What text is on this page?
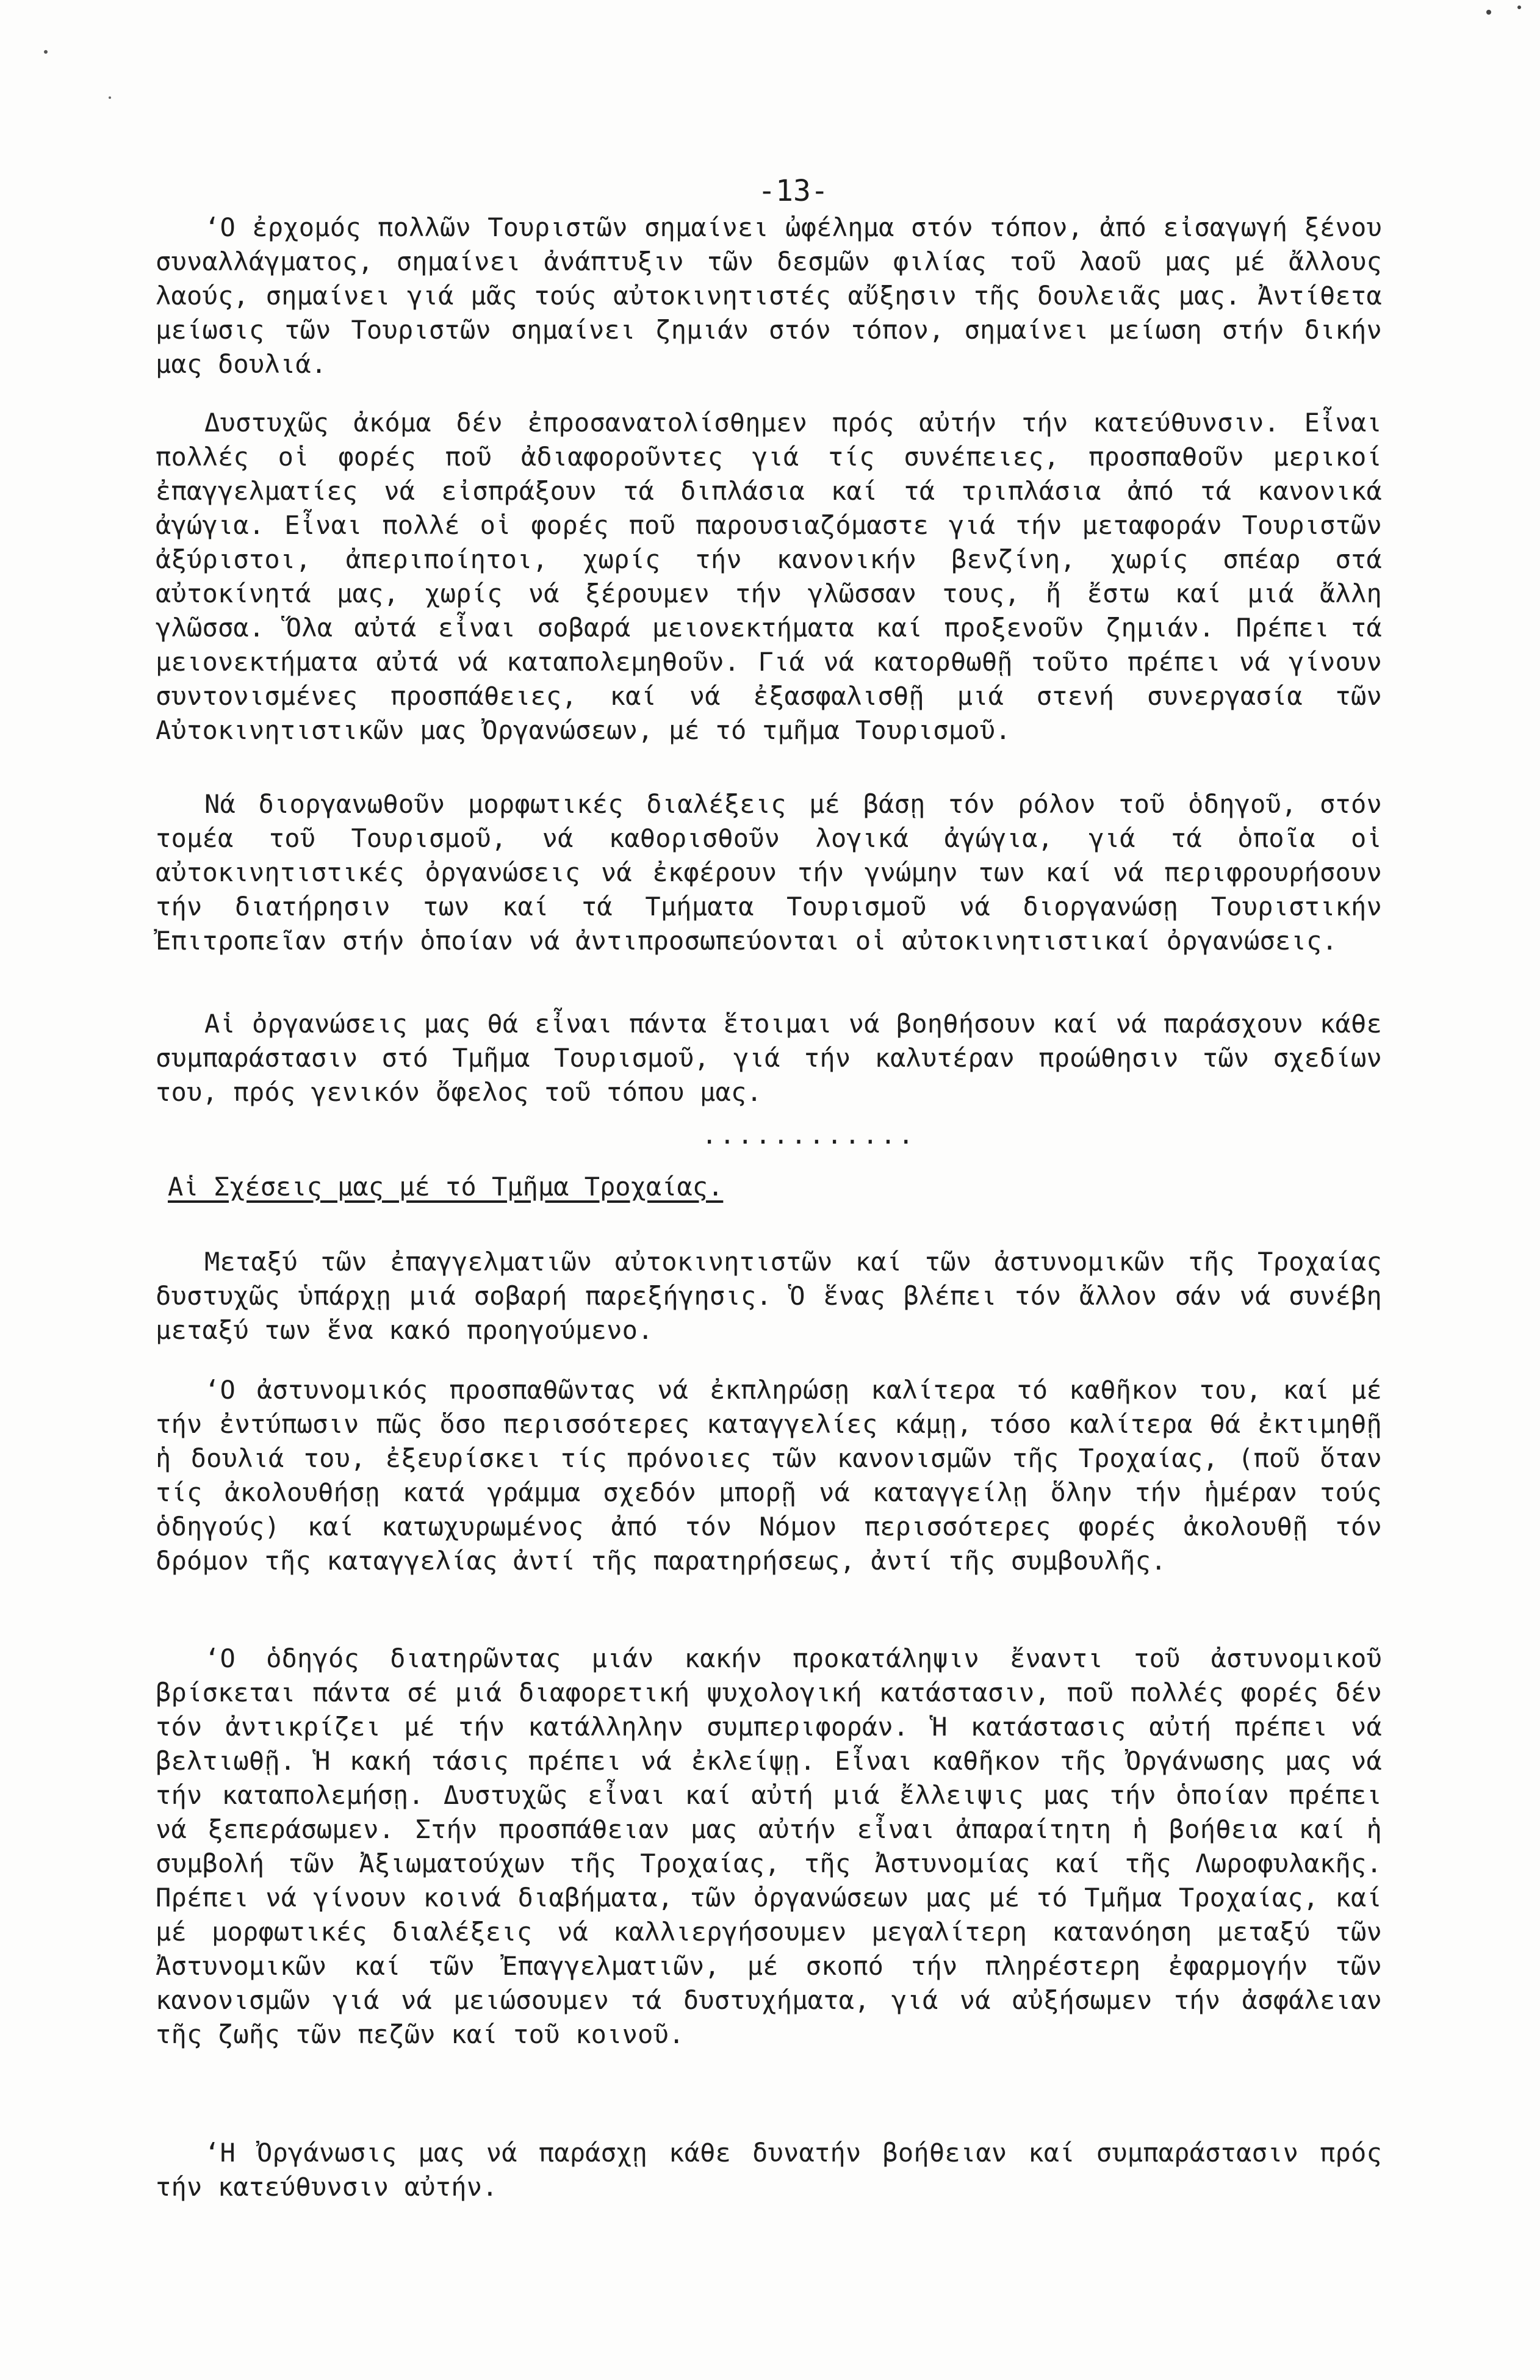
-13-

‘Ο ἐρχομός πολλῶν Τουριστῶν σημαίνει ὠφέλημα στόν τόπον, ἀπό εἰσαγωγή ξένου συναλλάγματος, σημαίνει ἀνάπτυξιν τῶν δεσμῶν φιλίας τοῦ λαοῦ μας μέ ἄλλους λαούς, σημαίνει γιά μᾶς τούς αὐτοκινητιστές αὔξησιν τῆς δουλειᾶς μας. Ἀντίθετα μείωσις τῶν Τουριστῶν σημαίνει ζημιάν στόν τόπον, σημαίνει μείωση στήν δικήν μας δουλιά.

Δυστυχῶς ἀκόμα δέν ἐπροσανατολίσθημεν πρός αὐτήν τήν κατεύθυνσιν. Εἶναι πολλές οἱ φορές ποῦ ἀδιαφοροῦντες γιά τίς συνέπειες, προσπαθοῦν μερικοί ἐπαγγελματίες νά εἰσπράξουν τά διπλάσια καί τά τριπλάσια ἀπό τά κανονικά ἀγώγια. Εἶναι πολλέ οἱ φορές ποῦ παρουσιαζόμαστε γιά τήν μεταφοράν Τουριστῶν ἀξύριστοι, ἀπεριποίητοι, χωρίς τήν κανονικήν βενζίνη, χωρίς σπέαρ στά αὐτοκίνητά μας, χωρίς νά ξέρουμεν τήν γλῶσσαν τους, ἤ ἔστω καί μιά ἄλλη γλῶσσα. Ὅλα αὐτά εἶναι σοβαρά μειονεκτήματα καί προξενοῦν ζημιάν. Πρέπει τά μειονεκτήματα αὐτά νά καταπολεμηθοῦν. Γιά νά κατορθωθῇ τοῦτο πρέπει νά γίνουν συντονισμένες προσπάθειες, καί νά ἐξασφαλισθῇ μιά στενή συνεργασία τῶν Αὐτοκινητιστικῶν μας Ὀργανώσεων, μέ τό τμῆμα Τουρισμοῦ.

Νά διοργανωθοῦν μορφωτικές διαλέξεις μέ βάσῃ τόν ρόλον τοῦ ὁδηγοῦ, στόν τομέα τοῦ Τουρισμοῦ, νά καθορισθοῦν λογικά ἀγώγια, γιά τά ὁποῖα οἱ αὐτοκινητιστικές ὀργανώσεις νά ἐκφέρουν τήν γνώμην των καί νά περιφρουρήσουν τήν διατήρησιν των καί τά Τμήματα Τουρισμοῦ νά διοργανώσῃ Τουριστικήν Ἐπιτροπεῖαν στήν ὁποίαν νά ἀντιπροσωπεύονται οἱ αὐτοκινητιστικαί ὀργανώσεις.

Αἱ ὀργανώσεις μας θά εἶναι πάντα ἕτοιμαι νά βοηθήσουν καί νά παράσχουν κάθε συμπαράστασιν στό Τμῆμα Τουρισμοῦ, γιά τήν καλυτέραν προώθησιν τῶν σχεδίων του, πρός γενικόν ὄφελος τοῦ τόπου μας.

............
Αἱ Σχέσεις μας μέ τό Τμῆμα Τροχαίας.

Μεταξύ τῶν ἐπαγγελματιῶν αὐτοκινητιστῶν καί τῶν ἀστυνομικῶν τῆς Τροχαίας δυστυχῶς ὑπάρχῃ μιά σοβαρή παρεξήγησις. Ὁ ἕνας βλέπει τόν ἄλλον σάν νά συνέβη μεταξύ των ἕνα κακό προηγούμενο.

‘Ο ἀστυνομικός προσπαθῶντας νά ἐκπληρώσῃ καλίτερα τό καθῆκον του, καί μέ τήν ἐντύπωσιν πῶς ὅσο περισσότερες καταγγελίες κάμῃ, τόσο καλίτερα θά ἐκτιμηθῇ ἡ δουλιά του, ἐξευρίσκει τίς πρόνοιες τῶν κανονισμῶν τῆς Τροχαίας, (ποῦ ὅταν τίς ἀκολουθήσῃ κατά γράμμα σχεδόν μπορῇ νά καταγγείλῃ ὅλην τήν ἡμέραν τούς ὁδηγούς) καί κατωχυρωμένος ἀπό τόν Νόμον περισσότερες φορές ἀκολουθῇ τόν δρόμον τῆς καταγγελίας ἀντί τῆς παρατηρήσεως, ἀντί τῆς συμβουλῆς.

‘Ο ὁδηγός διατηρῶντας μιάν κακήν προκατάληψιν ἔναντι τοῦ ἀστυνομικοῦ βρίσκεται πάντα σέ μιά διαφορετική ψυχολογική κατάστασιν, ποῦ πολλές φορές δέν τόν ἀντικρίζει μέ τήν κατάλληλην συμπεριφοράν. Ἡ κατάστασις αὐτή πρέπει νά βελτιωθῇ. Ἡ κακή τάσις πρέπει νά ἐκλείψῃ. Εἶναι καθῆκον τῆς Ὀργάνωσης μας νά τήν καταπολεμήσῃ. Δυστυχῶς εἶναι καί αὐτή μιά ἔλλειψις μας τήν ὁποίαν πρέπει νά ξεπεράσωμεν. Στήν προσπάθειαν μας αὐτήν εἶναι ἀπαραίτητη ἡ βοήθεια καί ἡ συμβολή τῶν Ἀξιωματούχων τῆς Τροχαίας, τῆς Ἀστυνομίας καί τῆς Λωροφυλακῆς. Πρέπει νά γίνουν κοινά διαβήματα, τῶν ὀργανώσεων μας μέ τό Τμῆμα Τροχαίας, καί μέ μορφωτικές διαλέξεις νά καλλιεργήσουμεν μεγαλίτερη κατανόηση μεταξύ τῶν Ἀστυνομικῶν καί τῶν Ἐπαγγελματιῶν, μέ σκοπό τήν πληρέστερη ἐφαρμογήν τῶν κανονισμῶν γιά νά μειώσουμεν τά δυστυχήματα, γιά νά αὐξήσωμεν τήν ἀσφάλειαν τῆς ζωῆς τῶν πεζῶν καί τοῦ κοινοῦ.

‘Η Ὀργάνωσις μας νά παράσχῃ κάθε δυνατήν βοήθειαν καί συμπαράστασιν πρός τήν κατεύθυνσιν αὐτήν.
